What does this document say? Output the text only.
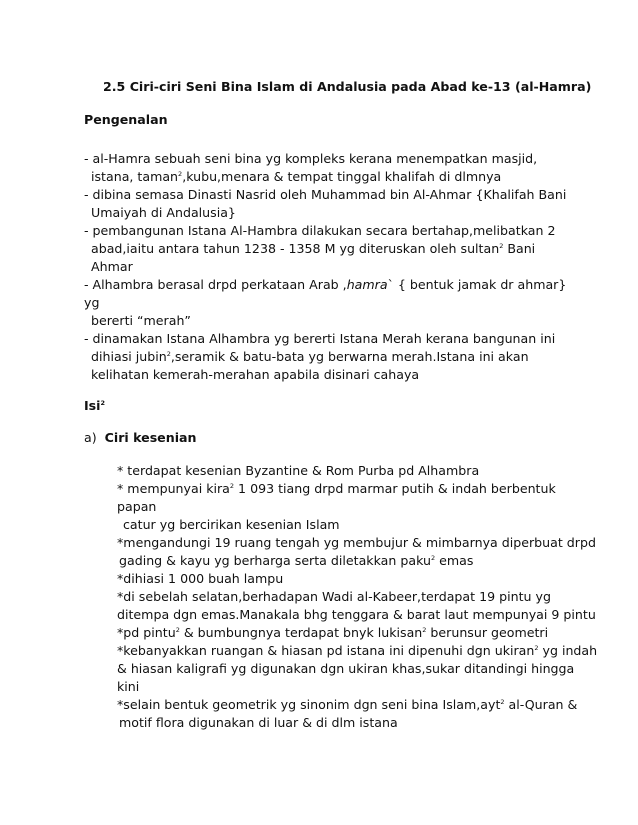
2.5 Ciri-ciri Seni Bina Islam di Andalusia pada Abad ke-13 (al-Hamra)
Pengenalan
- al-Hamra sebuah seni bina yg kompleks kerana menempatkan masjid,
istana, taman$^2$,kubu,menara & tempat tinggal khalifah di dlmnya
- dibina semasa Dinasti Nasrid oleh Muhammad bin Al-Ahmar {Khalifah Bani
Umaiyah di Andalusia}
- pembangunan Istana Al-Hambra dilakukan secara bertahap,melibatkan 2
abad,iaitu antara tahun 1238 - 1358 M yg diteruskan oleh sultan$^2$ Bani
Ahmar
- Alhambra berasal drpd perkataan Arab ,hamra` { bentuk jamak dr ahmar}
yg
bererti “merah”
- dinamakan Istana Alhambra yg bererti Istana Merah kerana bangunan ini
dihiasi jubin$^2$,seramik & batu-bata yg berwarna merah.Istana ini akan
kelihatan kemerah-merahan apabila disinari cahaya
Isi$^2$
a) Ciri kesenian
* terdapat kesenian Byzantine & Rom Purba pd Alhambra
* mempunyai kira$^2$ 1 093 tiang drpd marmar putih & indah berbentuk
papan
catur yg bercirikan kesenian Islam
*mengandungi 19 ruang tengah yg membujur & mimbarnya diperbuat drpd
gading & kayu yg berharga serta diletakkan paku$^2$ emas
*dihiasi 1 000 buah lampu
*di sebelah selatan,berhadapan Wadi al-Kabeer,terdapat 19 pintu yg
ditempa dgn emas.Manakala bhg tenggara & barat laut mempunyai 9 pintu
*pd pintu$^2$ & bumbungnya terdapat bnyk lukisan$^2$ berunsur geometri
*kebanyakkan ruangan & hiasan pd istana ini dipenuhi dgn ukiran$^2$ yg indah
& hiasan kaligrafi yg digunakan dgn ukiran khas,sukar ditandingi hingga
kini
*selain bentuk geometrik yg sinonim dgn seni bina Islam,ayt$^2$ al-Quran &
motif flora digunakan di luar & di dlm istana
